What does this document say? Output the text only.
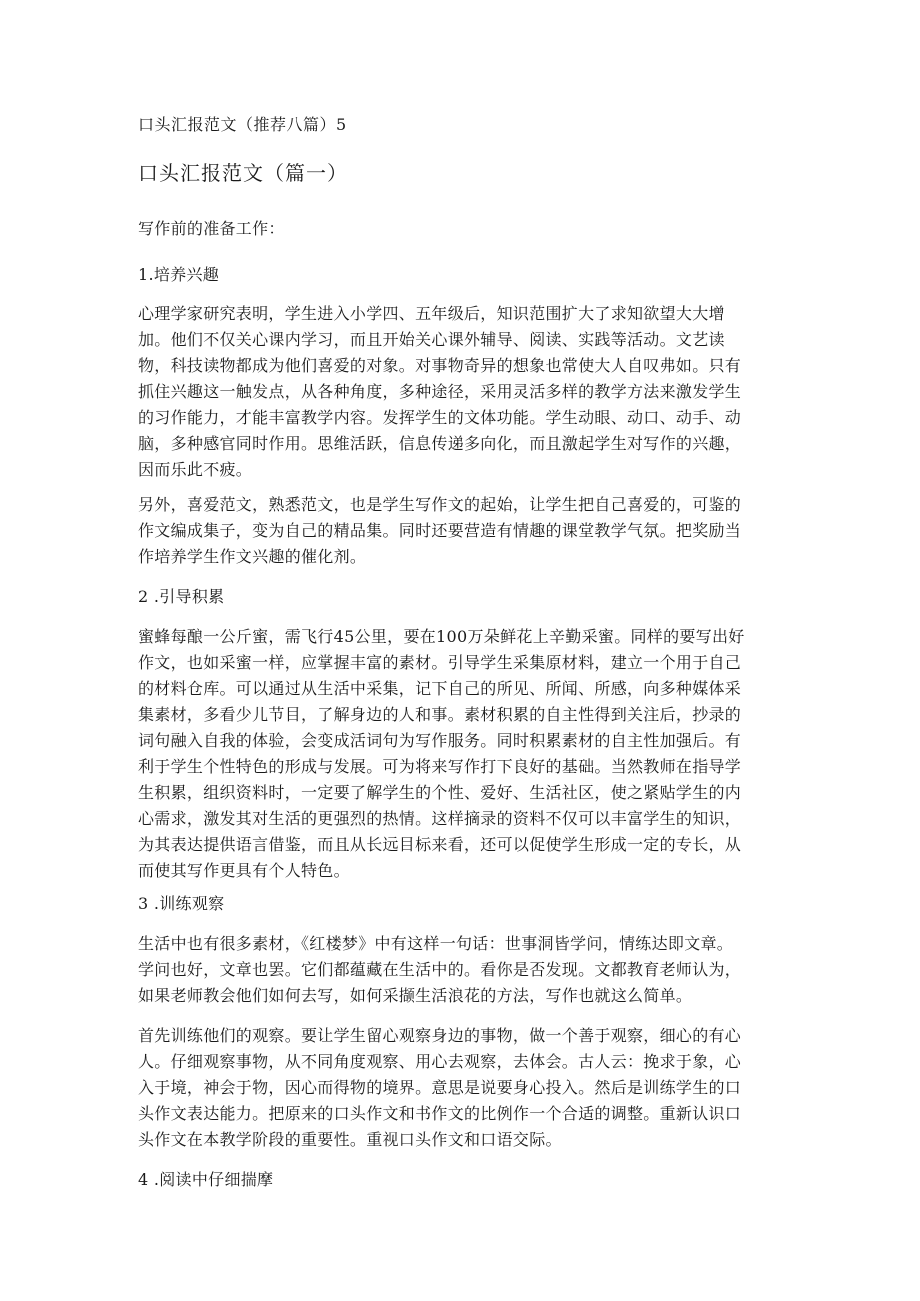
口头汇报范文（推荐八篇）5
口头汇报范文（篇一）

写作前的准备工作：

1.培养兴趣

心理学家研究表明，学生进入小学四、五年级后，知识范围扩大了求知欲望大大增
加。他们不仅关心课内学习，而且开始关心课外辅导、阅读、实践等活动。文艺读
物，科技读物都成为他们喜爱的对象。对事物奇异的想象也常使大人自叹弗如。只有
抓住兴趣这一触发点，从各种角度，多种途径，采用灵活多样的教学方法来激发学生
的习作能力，才能丰富教学内容。发挥学生的文体功能。学生动眼、动口、动手、动
脑，多种感官同时作用。思维活跃，信息传递多向化，而且激起学生对写作的兴趣，
因而乐此不疲。

另外，喜爱范文，熟悉范文，也是学生写作文的起始，让学生把自己喜爱的，可鉴的
作文编成集子，变为自己的精品集。同时还要营造有情趣的课堂教学气氛。把奖励当
作培养学生作文兴趣的催化剂。

2 .引导积累

蜜蜂每酿一公斤蜜，需飞行45公里，要在100万朵鲜花上辛勤采蜜。同样的要写出好
作文，也如采蜜一样，应掌握丰富的素材。引导学生采集原材料，建立一个用于自己
的材料仓库。可以通过从生活中采集，记下自己的所见、所闻、所感，向多种媒体采
集素材，多看少儿节目，了解身边的人和事。素材积累的自主性得到关注后，抄录的
词句融入自我的体验，会变成活词句为写作服务。同时积累素材的自主性加强后。有
利于学生个性特色的形成与发展。可为将来写作打下良好的基础。当然教师在指导学
生积累，组织资料时，一定要了解学生的个性、爱好、生活社区，使之紧贴学生的内
心需求，激发其对生活的更强烈的热情。这样摘录的资料不仅可以丰富学生的知识，
为其表达提供语言借鉴，而且从长远目标来看，还可以促使学生形成一定的专长，从
而使其写作更具有个人特色。

3 .训练观察

生活中也有很多素材，《红楼梦》中有这样一句话：世事洞皆学问，情练达即文章。
学问也好，文章也罢。它们都蕴藏在生活中的。看你是否发现。文都教育老师认为，
如果老师教会他们如何去写，如何采撷生活浪花的方法，写作也就这么简单。

首先训练他们的观察。要让学生留心观察身边的事物，做一个善于观察，细心的有心
人。仔细观察事物，从不同角度观察、用心去观察，去体会。古人云：挽求于象，心
入于境，神会于物，因心而得物的境界。意思是说要身心投入。然后是训练学生的口
头作文表达能力。把原来的口头作文和书作文的比例作一个合适的调整。重新认识口
头作文在本教学阶段的重要性。重视口头作文和口语交际。

4 .阅读中仔细揣摩
